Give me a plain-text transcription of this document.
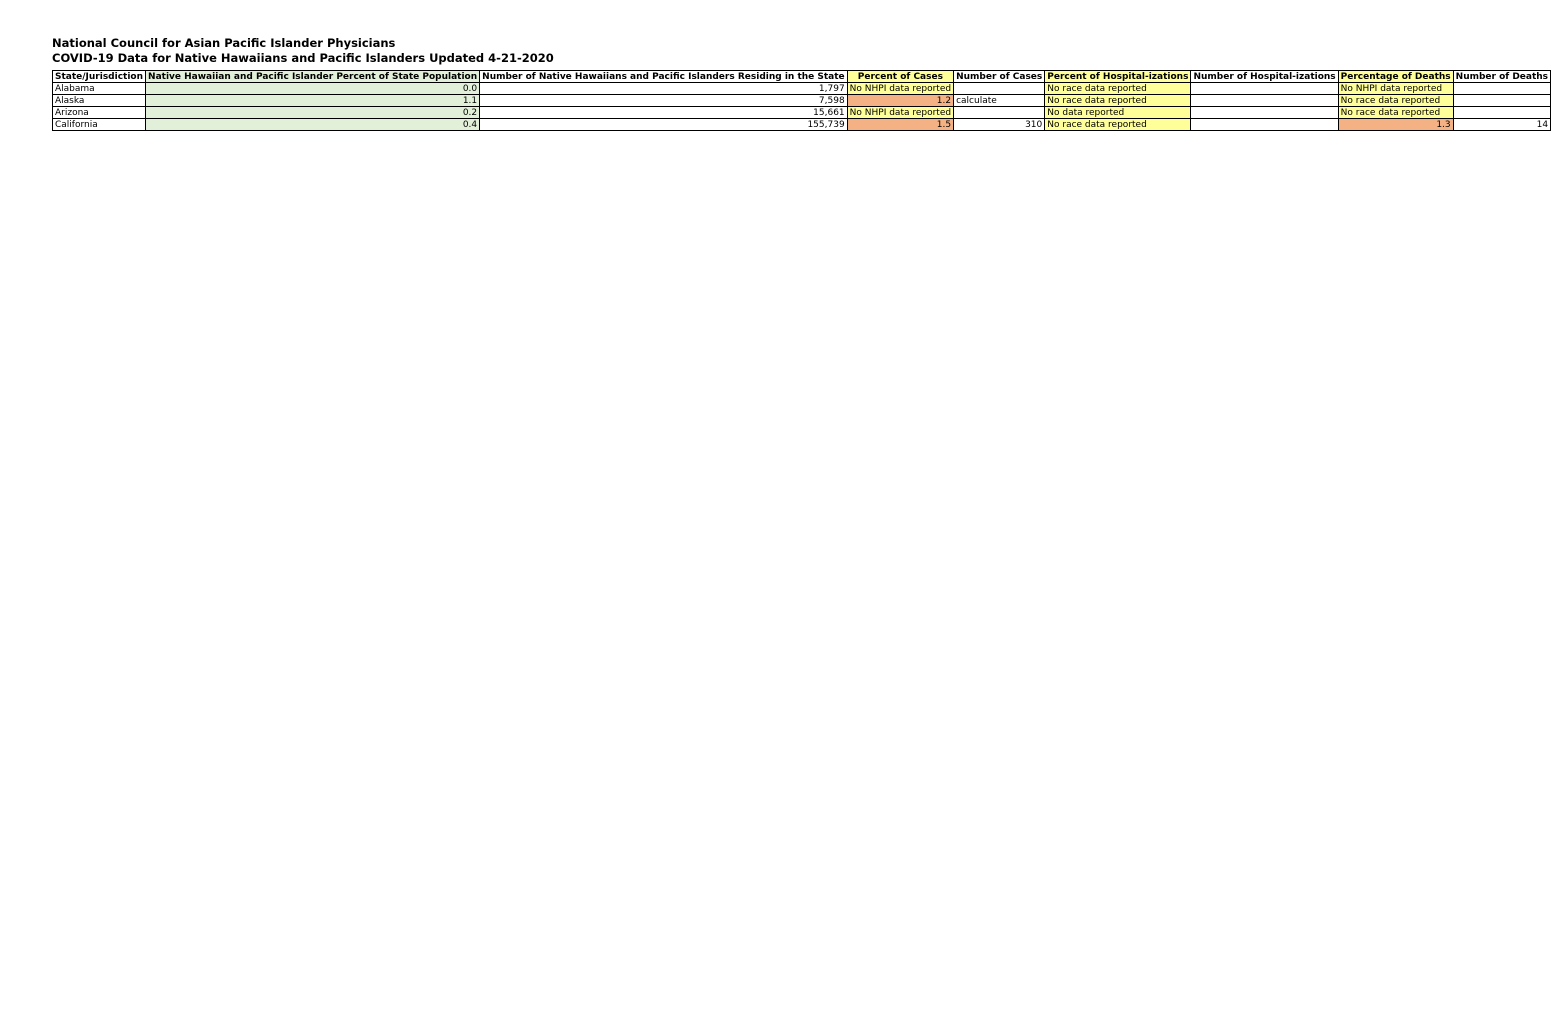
National Council for Asian Pacific Islander Physicians
COVID-19 Data for Native Hawaiians and Pacific Islanders Updated 4-21-2020
State/Jurisdiction	Native Hawaiian and Pacific Islander Percent of State Population	Number of Native Hawaiians and Pacific Islanders Residing in the State	Percent of Cases	Number of Cases	Percent of Hospital-izations	Number of Hospital-izations	Percentage of Deaths	Number of Deaths
Alabama	0.0	1,797	No NHPI data reported		No race data reported		No NHPI data reported	
Alaska	1.1	7,598	1.2	calculate	No race data reported		No race data reported	
Arizona	0.2	15,661	No NHPI data reported		No data reported		No race data reported	
California	0.4	155,739	1.5	310	No race data reported		1.3	14
